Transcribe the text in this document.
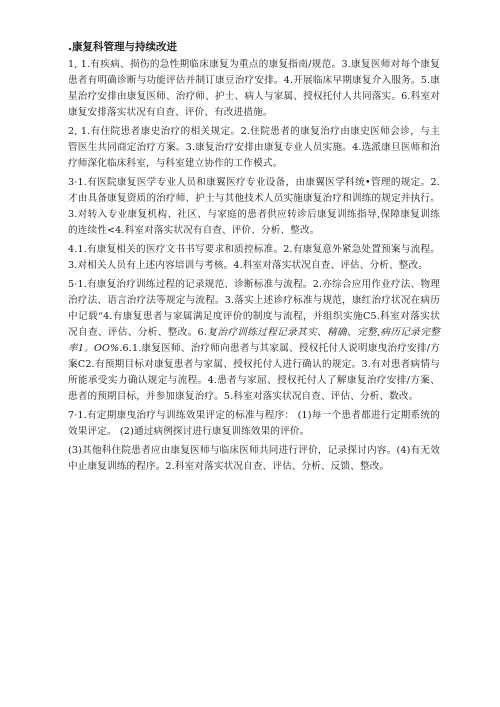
.康复科管理与持续改进

1, 1.有疾病、损伤的急性期临床康复为重点的康复指南/规范。3.康复医师对每个康复患者有明确诊断与功能评估并制订康豆治疗安排。4.开展临床早期康复介入服务。5.康星治疗安排由康复医师、治疗师、护士、病人与家属、授权托付人共同落实。6.科室对康复安排落实状况有自查、评价、有改进措施。

2, 1.有住院患者康史治疗的相关规定。2.住院患者的康复治疗由康史医师会诊，与主管医生共同商定治疗方案。3.康复治疗安排由康复专业人员实施。4.选派康旦医师和治疗师深化临床科室，与科室建立协作的工作模式。

3·1.有医院康复医学专业人员和康翼医疗专业设备，由康翼医学科统•管理的规定。2.才由具备康复资质的治疗师、护士与其他技术人员实施康复治疗和训练的规定并执行。3.对转入专业康复机构、社区、与家庭的患者供应转诊后康复训练指导,保障康复训练的连续性<4.科室对落实状况有自查、评价、分析、整改。

4.1.有康复相关的医疗文书书写要求和质控标准。2.有康复意外紧急处置预案与流程。3.对相关人员有上述内容培训与考核。4.科室对落实状况自查、评估、分析、整改。

5·1.有康复治疗训练过程的记录规范、诊断标准与流程。2.亦综合应用作业疗法、物理治疗法、语言治疗法等规定与流程。3.落实上述诊疗标准与规范，康红治疗状况在病历中记载“4.有康复患者与家属满足度评价的制度与流程，并组织实施C5.科室对落实状况自查、评估、分析、整改。6.复治疗训练过程记录其实、精确、完整,病历记录完整率1。OO%.6.1.康复医师、治疗师向患者与其家属、授权托付人说明康曳治疗安排/方案C2.有预期目标对康复患者与家属、授权托付人进行确认的规定。3.有对患者病情与所能承受实力确认规定与流程。4.患者与家屈、授权托付人了解康复治疗安排/方案、患者的预期目标，并参加康复治疗。5.科室对落实状况自查、评估、分析、数改。

7·1.有定期康曳治疗与训练效果评定的标准与程序： (1)每一个患者都进行定期系统的效果评定。 (2)通过病例探讨进行康复训练效果的评价。

(3)其他科住院患者应由康复医师与临床医师共同进行评价，记录探讨内容。(4)有无效中止康复训练的程序。2.科室对落实状况自查、评估、分析、反馈、整改。
